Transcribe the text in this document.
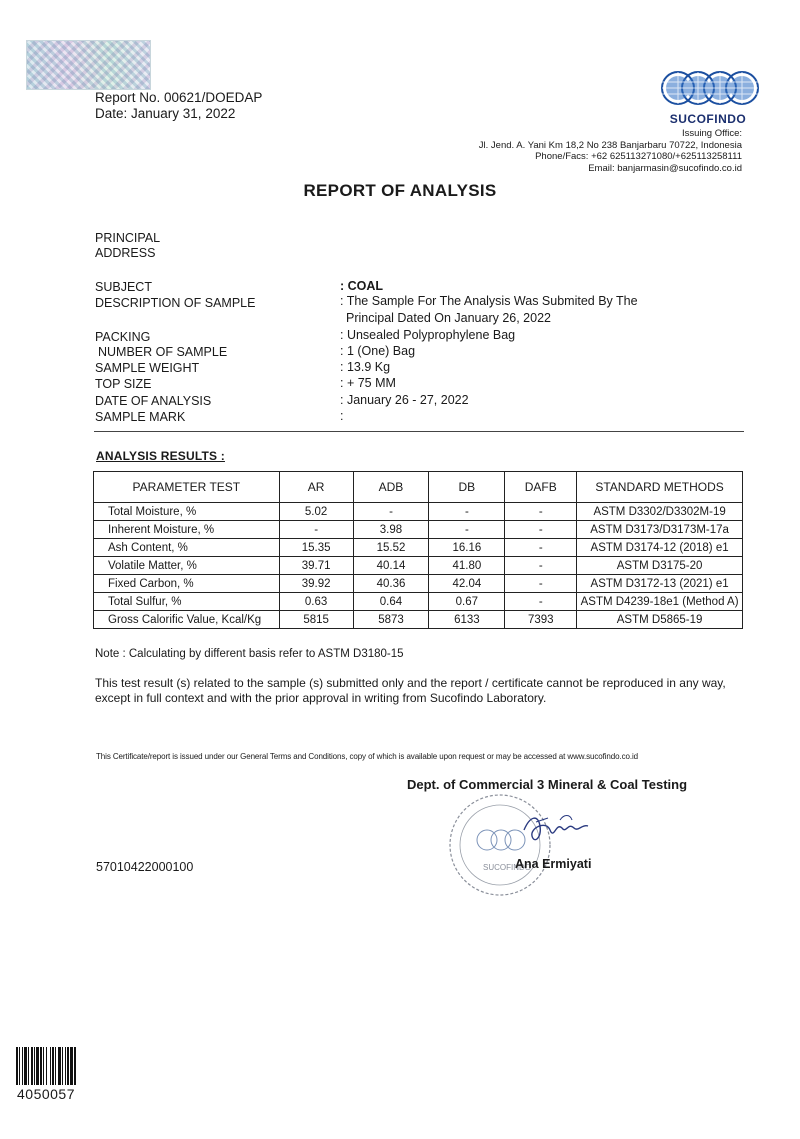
Report No. 00621/DOEDAP
Date: January 31, 2022	SUCOFINDO
Issuing Office:
Jl. Jend. A. Yani Km 18,2 No 238 Banjarbaru 70722, Indonesia
Phone/Facs: +62 625113271080/+625113258111
Email: banjarmasin@sucofindo.co.id
REPORT OF ANALYSIS
PRINCIPAL
ADDRESS
SUBJECT	: COAL
DESCRIPTION OF SAMPLE	: The Sample For The Analysis Was Submited By The
Principal Dated On January 26, 2022
PACKING	: Unsealed Polyprophylene Bag
NUMBER OF SAMPLE	: 1 (One) Bag
SAMPLE WEIGHT	: 13.9 Kg
TOP SIZE	: + 75 MM
DATE OF ANALYSIS	: January 26 - 27, 2022
SAMPLE MARK	:
ANALYSIS RESULTS :
PARAMETER TEST	AR	ADB	DB	DAFB	STANDARD METHODS
Total Moisture, %	5.02	-	-	-	ASTM D3302/D3302M-19
Inherent Moisture, %	-	3.98	-	-	ASTM D3173/D3173M-17a
Ash Content, %	15.35	15.52	16.16	-	ASTM D3174-12 (2018) e1
Volatile Matter, %	39.71	40.14	41.80	-	ASTM D3175-20
Fixed Carbon, %	39.92	40.36	42.04	-	ASTM D3172-13 (2021) e1
Total Sulfur, %	0.63	0.64	0.67	-	ASTM D4239-18e1 (Method A)
Gross Calorific Value, Kcal/Kg	5815	5873	6133	7393	ASTM D5865-19
Note : Calculating by different basis refer to ASTM D3180-15
This test result (s) related to the sample (s) submitted only and the report / certificate cannot be reproduced in any way, except in full context and with the prior approval in writing from Sucofindo Laboratory.
This Certificate/report is issued under our General Terms and Conditions, copy of which is available upon request or may be accessed at www.sucofindo.co.id
Dept. of Commercial 3 Mineral & Coal Testing
SUCOFINDO
Ana Ermiyati
57010422000100
4050057
